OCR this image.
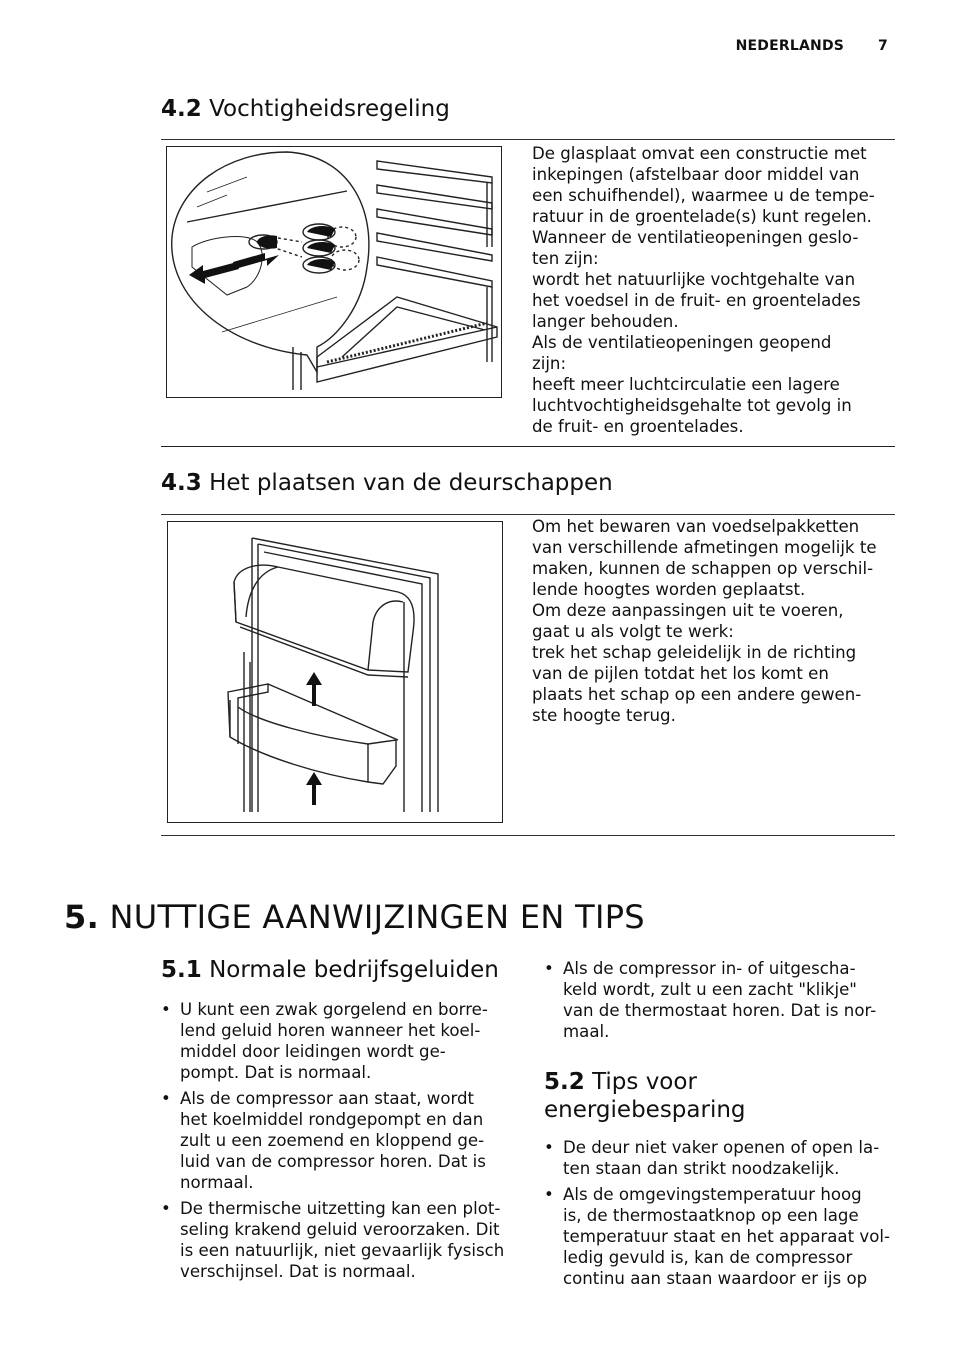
NEDERLANDS 7
4.2 Vochtigheidsregeling
De glasplaat omvat een constructie met
inkepingen (afstelbaar door middel van
een schuifhendel), waarmee u de tempe-
ratuur in de groentelade(s) kunt regelen.
Wanneer de ventilatieopeningen geslo-
ten zijn:
wordt het natuurlijke vochtgehalte van
het voedsel in de fruit- en groentelades
langer behouden.
Als de ventilatieopeningen geopend
zijn:
heeft meer luchtcirculatie een lagere
luchtvochtigheidsgehalte tot gevolg in
de fruit- en groentelades.
4.3 Het plaatsen van de deurschappen
Om het bewaren van voedselpakketten
van verschillende afmetingen mogelijk te
maken, kunnen de schappen op verschil-
lende hoogtes worden geplaatst.
Om deze aanpassingen uit te voeren,
gaat u als volgt te werk:
trek het schap geleidelijk in de richting
van de pijlen totdat het los komt en
plaats het schap op een andere gewen-
ste hoogte terug.
5. NUTTIGE AANWIJZINGEN EN TIPS
5.1 Normale bedrijfsgeluiden
• U kunt een zwak gorgelend en borre-
lend geluid horen wanneer het koel-
middel door leidingen wordt ge-
pompt. Dat is normaal.
• Als de compressor aan staat, wordt
het koelmiddel rondgepompt en dan
zult u een zoemend en kloppend ge-
luid van de compressor horen. Dat is
normaal.
• De thermische uitzetting kan een plot-
seling krakend geluid veroorzaken. Dit
is een natuurlijk, niet gevaarlijk fysisch
verschijnsel. Dat is normaal.
• Als de compressor in- of uitgescha-
keld wordt, zult u een zacht "klikje"
van de thermostaat horen. Dat is nor-
maal.
5.2 Tips voor
energiebesparing
• De deur niet vaker openen of open la-
ten staan dan strikt noodzakelijk.
• Als de omgevingstemperatuur hoog
is, de thermostaatknop op een lage
temperatuur staat en het apparaat vol-
ledig gevuld is, kan de compressor
continu aan staan waardoor er ijs op
